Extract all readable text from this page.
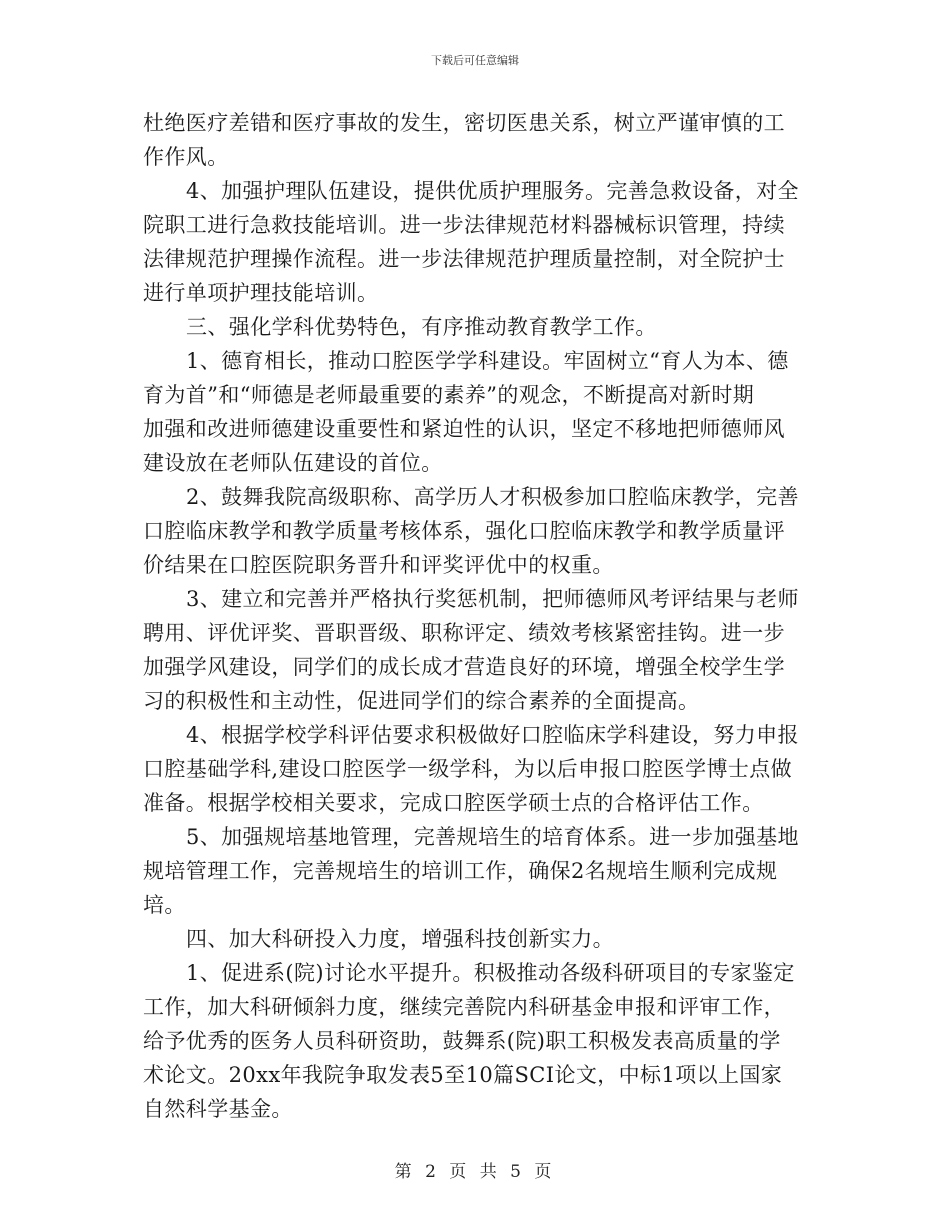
下载后可任意编辑
杜绝医疗差错和医疗事故的发生，密切医患关系，树立严谨审慎的工
作作风。
4、加强护理队伍建设，提供优质护理服务。完善急救设备，对全
院职工进行急救技能培训。进一步法律规范材料器械标识管理，持续
法律规范护理操作流程。进一步法律规范护理质量控制，对全院护士
进行单项护理技能培训。
三、强化学科优势特色，有序推动教育教学工作。
1、德育相长，推动口腔医学学科建设。牢固树立“育人为本、德
育为首”和“师德是老师最重要的素养”的观念，不断提高对新时期
加强和改进师德建设重要性和紧迫性的认识，坚定不移地把师德师风
建设放在老师队伍建设的首位。
2、鼓舞我院高级职称、高学历人才积极参加口腔临床教学，完善
口腔临床教学和教学质量考核体系，强化口腔临床教学和教学质量评
价结果在口腔医院职务晋升和评奖评优中的权重。
3、建立和完善并严格执行奖惩机制，把师德师风考评结果与老师
聘用、评优评奖、晋职晋级、职称评定、绩效考核紧密挂钩。进一步
加强学风建设，同学们的成长成才营造良好的环境，增强全校学生学
习的积极性和主动性，促进同学们的综合素养的全面提高。
4、根据学校学科评估要求积极做好口腔临床学科建设，努力申报
口腔基础学科,建设口腔医学一级学科，为以后申报口腔医学博士点做
准备。根据学校相关要求，完成口腔医学硕士点的合格评估工作。
5、加强规培基地管理，完善规培生的培育体系。进一步加强基地
规培管理工作，完善规培生的培训工作，确保2名规培生顺利完成规
培。
四、加大科研投入力度，增强科技创新实力。
1、促进系(院)讨论水平提升。积极推动各级科研项目的专家鉴定
工作，加大科研倾斜力度，继续完善院内科研基金申报和评审工作，
给予优秀的医务人员科研资助，鼓舞系(院)职工积极发表高质量的学
术论文。20xx年我院争取发表5至10篇SCI论文，中标1项以上国家
自然科学基金。
第 2 页 共 5 页
